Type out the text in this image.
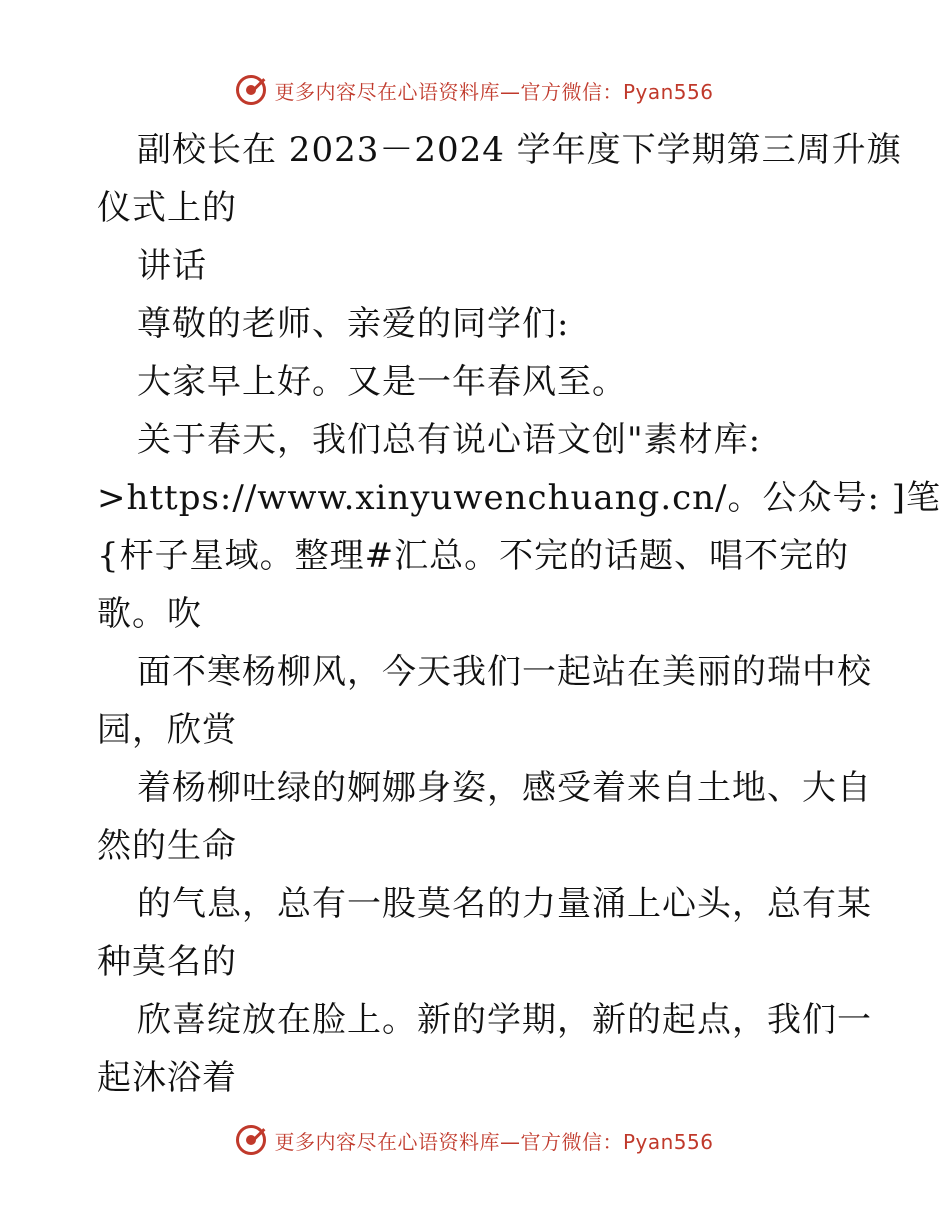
更多内容尽在心语资料库—官方微信：Pyan556
副校长在 2023－2024 学年度下学期第三周升旗
仪式上的
讲话
尊敬的老师、亲爱的同学们:
大家早上好。又是一年春风至。
关于春天，我们总有说心语文创"素材库:
>https://www.xinyuwenchuang.cn/。公众号: ]笔
{杆子星域。整理#汇总。不完的话题、唱不完的
歌。吹
面不寒杨柳风，今天我们一起站在美丽的瑞中校
园，欣赏
着杨柳吐绿的婀娜身姿，感受着来自土地、大自
然的生命
的气息，总有一股莫名的力量涌上心头，总有某
种莫名的
欣喜绽放在脸上。新的学期，新的起点，我们一
起沐浴着
更多内容尽在心语资料库—官方微信：Pyan556
